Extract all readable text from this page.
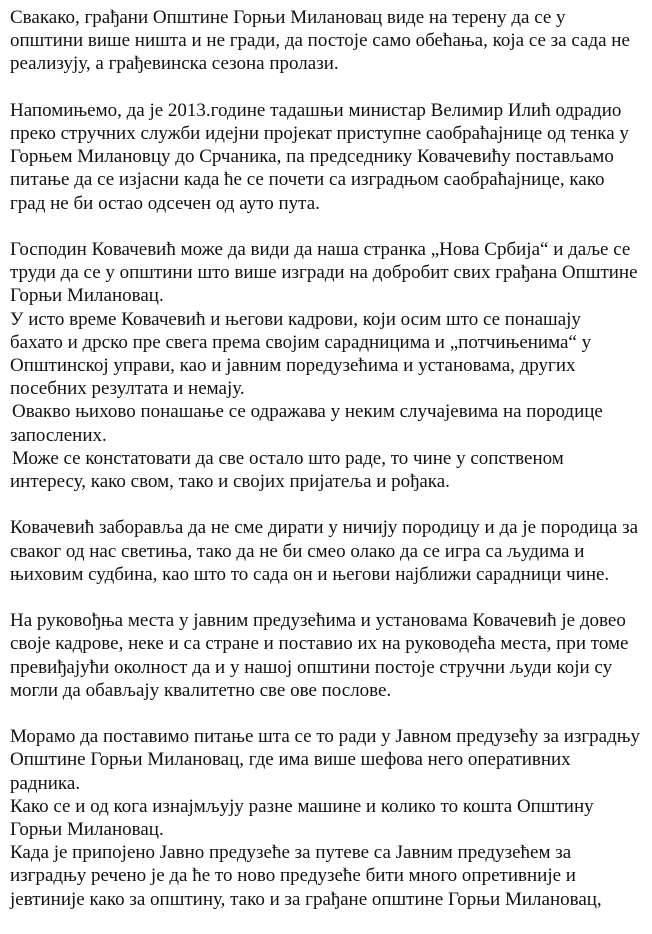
Свакако, грађани Општине Горњи Милановац виде на терену да се у
општини више ништа и не гради, да постоје само обећања, која се за сада не
реализују, а грађевинска сезона пролази.
Напомињемо, да је 2013.године тадашњи министар Велимир Илић одрадио
преко стручних служби идејни пројекат приступне саобраћајнице од тенка у
Горњем Милановцу до Срчаника, па председнику Ковачевићу постављамо
питање да се изјасни када ће се почети са изградњом саобраћајнице, како
град не би остао одсечен од ауто пута.
Господин Ковачевић може да види да наша странка „Нова Србија“ и даље се
труди да се у општини што више изгради на добробит свих грађана Општине
Горњи Милановац.
У исто време Ковачевић и његови кадрови, који осим што се понашају
бахато и дрско пре свега према својим сарадницима и „потчињенима“ у
Општинској управи, као и јавним поредузећима и установама, других
посебних резултата и немају.
Овакво њихово понашање се одражава у неким случајевима на породице
запослених.
Може се констатовати да све остало што раде, то чине у сопственом
интересу, како свом, тако и својих пријатеља и рођака.
Ковачевић заборавља да не сме дирати у ничију породицу и да је породица за
сваког од нас светиња, тако да не би смео олако да се игра са људима и
њиховим судбина, као што то сада он и његови најближи сарадници чине.
На руковођња места у јавним предузећима и установама Ковачевић је довео
своје кадрове, неке и са стране и поставио их на руководећа места, при томе
превиђајући околност да и у нашој општини постоје стручни људи који су
могли да обављају квалитетно све ове послове.
Морамо да поставимо питање шта се то ради у Јавном предузећу за изградњу
Општине Горњи Милановац, где има више шефова него оперативних
радника.
Како се и од кога изнајмљују разне машине и колико то кошта Општину
Горњи Милановац.
Када је припојено Јавно предузеће за путеве са Јавним предузећем за
изградњу речено је да ће то ново предузеће бити много опретивније и
јевтиније како за општину, тако и за грађане општине Горњи Милановац,
